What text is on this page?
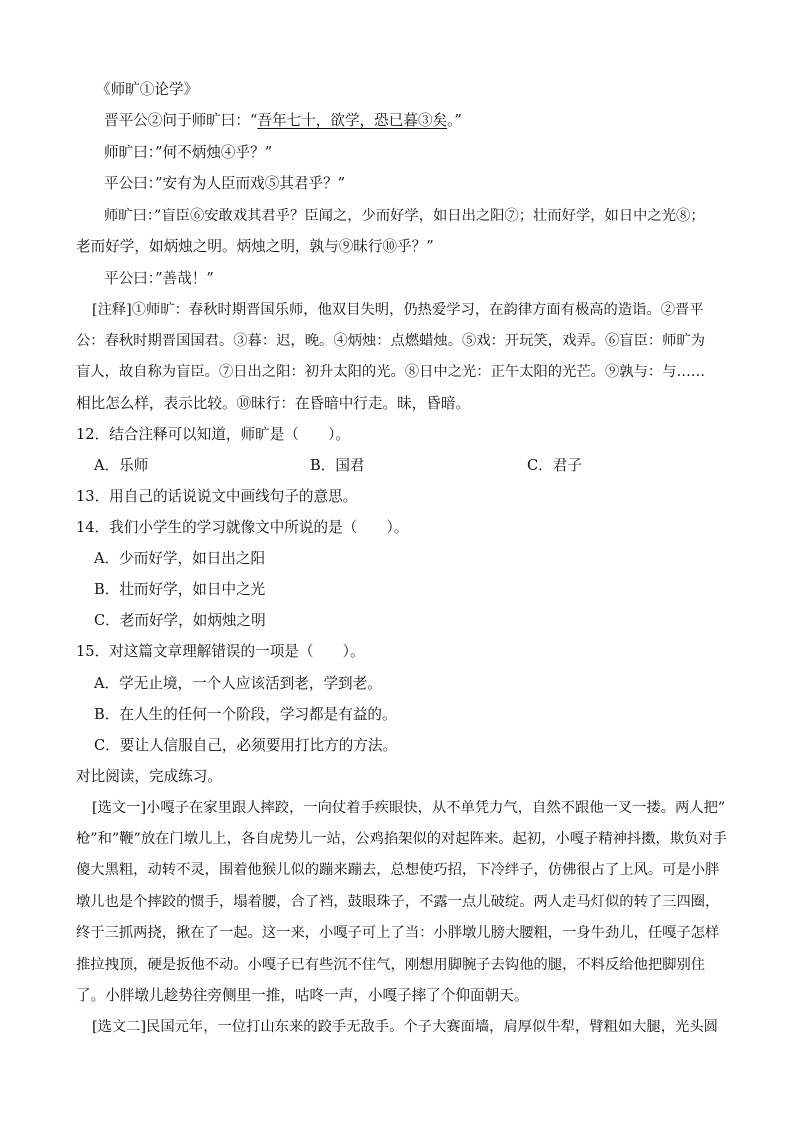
《师旷①论学》
晋平公②问于师旷曰：“吾年七十，欲学，恐已暮③矣。”
师旷曰：”何不炳烛④乎？”
平公曰：”安有为人臣而戏⑤其君乎？”
师旷曰：”盲臣⑥安敢戏其君乎？臣闻之，少而好学，如日出之阳⑦；壮而好学，如日中之光⑧；
老而好学，如炳烛之明。炳烛之明，孰与⑨昧行⑩乎？”
平公曰：”善哉！”
[注释]①师旷：春秋时期晋国乐师，他双目失明，仍热爱学习，在韵律方面有极高的造诣。②晋平
公：春秋时期晋国国君。③暮：迟，晚。④炳烛：点燃蜡烛。⑤戏：开玩笑，戏弄。⑥盲臣：师旷为
盲人，故自称为盲臣。⑦日出之阳：初升太阳的光。⑧日中之光：正午太阳的光芒。⑨孰与：与……
相比怎么样，表示比较。⑩昧行：在昏暗中行走。昧，昏暗。
12．结合注释可以知道，师旷是（　　）。
A．乐师	B．国君	C．君子
13．用自己的话说说文中画线句子的意思。
14．我们小学生的学习就像文中所说的是（　　）。
A．少而好学，如日出之阳
B．壮而好学，如日中之光
C．老而好学，如炳烛之明
15．对这篇文章理解错误的一项是（　　）。
A．学无止境，一个人应该活到老，学到老。
B．在人生的任何一个阶段，学习都是有益的。
C．要让人信服自己，必须要用打比方的方法。
对比阅读，完成练习。
[选文一]小嘎子在家里跟人摔跤，一向仗着手疾眼快，从不单凭力气，自然不跟他一叉一搂。两人把”
枪”和”鞭”放在门墩儿上，各自虎势儿一站，公鸡掐架似的对起阵来。起初，小嘎子精神抖擞，欺负对手
傻大黑粗，动转不灵，围着他猴儿似的蹦来蹦去，总想使巧招，下冷绊子，仿佛很占了上风。可是小胖
墩儿也是个摔跤的惯手，塌着腰，合了裆，鼓眼珠子，不露一点儿破绽。两人走马灯似的转了三四圈，
终于三抓两挠，揪在了一起。这一来，小嘎子可上了当：小胖墩儿膀大腰粗，一身牛劲儿，任嘎子怎样
推拉拽顶，硬是扳他不动。小嘎子已有些沉不住气，刚想用脚腕子去钩他的腿，不料反给他把脚别住
了。小胖墩儿趁势往旁侧里一推，咕咚一声，小嘎子摔了个仰面朝天。
[选文二]民国元年，一位打山东来的跤手无敌手。个子大赛面墙，肩厚似牛犁，臂粗如大腿，光头圆
